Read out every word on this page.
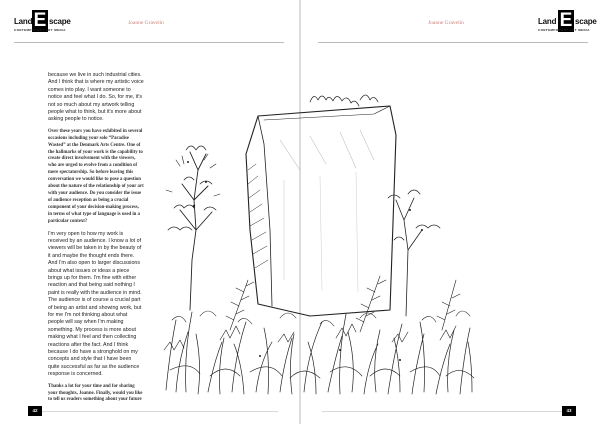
Land E scape
CONTEMPORARY ART MEDIA
Joanne Gravelin

because we live in such industrial cities. And I think that is where my artistic voice comes into play. I want someone to notice and feel what I do. So, for me, it's not so much about my artwork telling people what to think, but it's more about asking people to notice.

Over these years you have exhibited in several occasions including your solo “Paradise Wasted” at the Denmark Arts Centre. One of the hallmarks of your work is the capability to create direct involvement with the viewers, who are urged to evolve from a condition of mere spectatorship. So before leaving this conversation we would like to pose a question about the nature of the relationship of your art with your audience. Do you consider the issue of audience reception as being a crucial component of your decision-making process, in terms of what type of language is used in a particular context?

I'm very open to how my work is received by an audience. I know a lot of viewers will be taken in by the beauty of it and maybe the thought ends there. And I'm also open to larger discussions about what issues or ideas a piece brings up for them. I'm fine with either reaction and that being said nothing I paint is really with the audience in mind. The audience is of course a crucial part of being an artist and showing work, but for me I'm not thinking about what people will say when I'm making something. My process is more about making what I feel and then collecting reactions after the fact. And I think because I do have a stronghold on my concepts and style that I have been quite successful as far as the audience response is concerned.

Thanks a lot for your time and for sharing your thoughts, Joanne. Finally, would you like to tell us readers something about your future

42
Joanne Gravelin	Land E scape
CONTEMPORARY ART MEDIA
43
